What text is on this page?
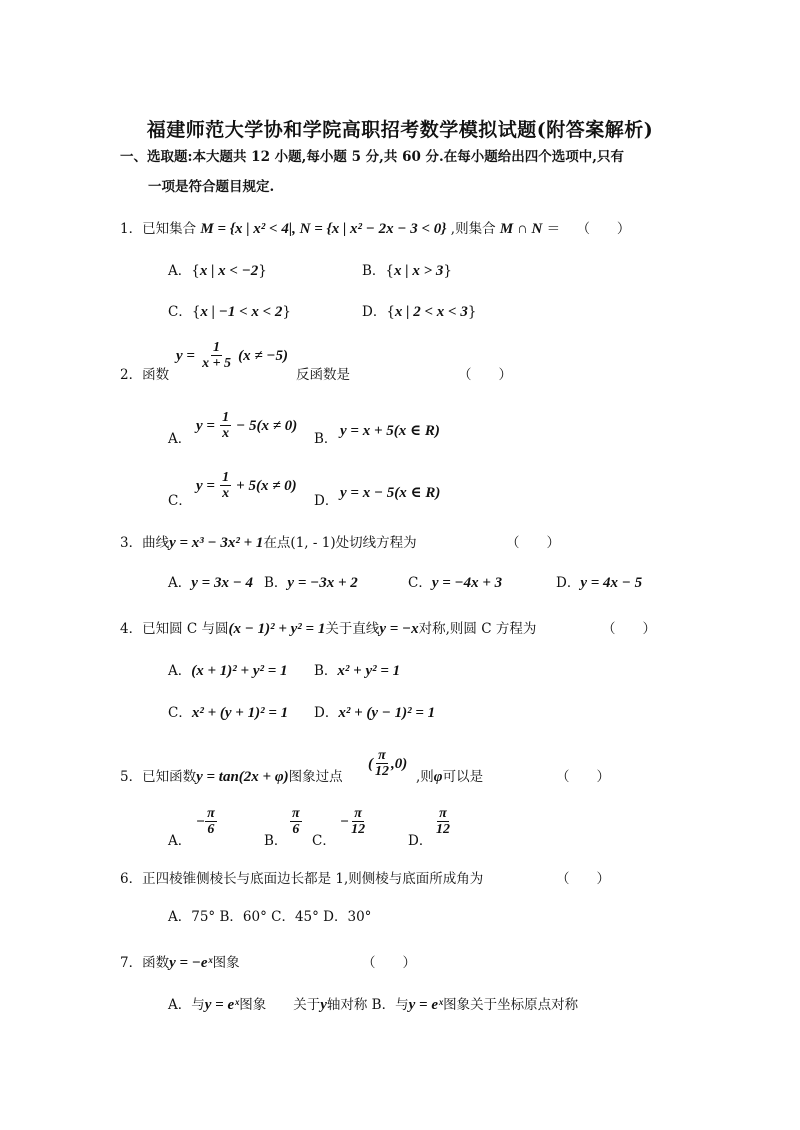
福建师范大学协和学院高职招考数学模拟试题(附答案解析)
一、选取题:本大题共 12 小题,每小题 5 分,共 60 分.在每小题给出四个选项中,只有
一项是符合题目规定.
1．已知集合 M = {x | x² < 4|, N = {x | x² − 2x − 3 < 0} ,则集合 M ∩ N ＝ （　　）
A．{x | x < −2}	B．{x | x > 3}
C．{x | −1 < x < 2}	D．{x | 2 < x < 3}
2．函数
$y = \frac{1}{x + 5} (x \ne -5)$
反函数是	（　　）
A．
$y = \frac{1}{x} - 5(x \ne 0)$
B． y = x + 5(x ∈ R)
C．
$y = \frac{1}{x} + 5(x \ne 0)$
D． y = x − 5(x ∈ R)
3．曲线y = x³ − 3x² + 1在点(1, - 1)处切线方程为	（　　）
A．y = 3x − 4 B．y = −3x + 2	C．y = −4x + 3	D．y = 4x − 5
4．已知圆 C 与圆(x − 1)² + y² = 1关于直线y = −x对称,则圆 C 方程为	（　　）
A．(x + 1)² + y² = 1 B．x² + y² = 1
C．x² + (y + 1)² = 1 D．x² + (y − 1)² = 1
5．已知函数y = tan(2x + φ)图象过点
( $\frac{\pi}{12} ,0$)
,则φ可以是	（　　）
A．
− $\frac{\pi}{6}$
B．
$\frac{\pi}{6}$
C．
− $\frac{\pi}{12}$
D．
$\frac{\pi}{12}$
6．正四棱锥侧棱长与底面边长都是 1,则侧棱与底面所成角为	（　　）
A．75° B．60° C．45° D．30°
7．函数y = −eˣ图象	（　　）
A．与y = eˣ图象　　关于y轴对称 B．与y = eˣ图象关于坐标原点对称
